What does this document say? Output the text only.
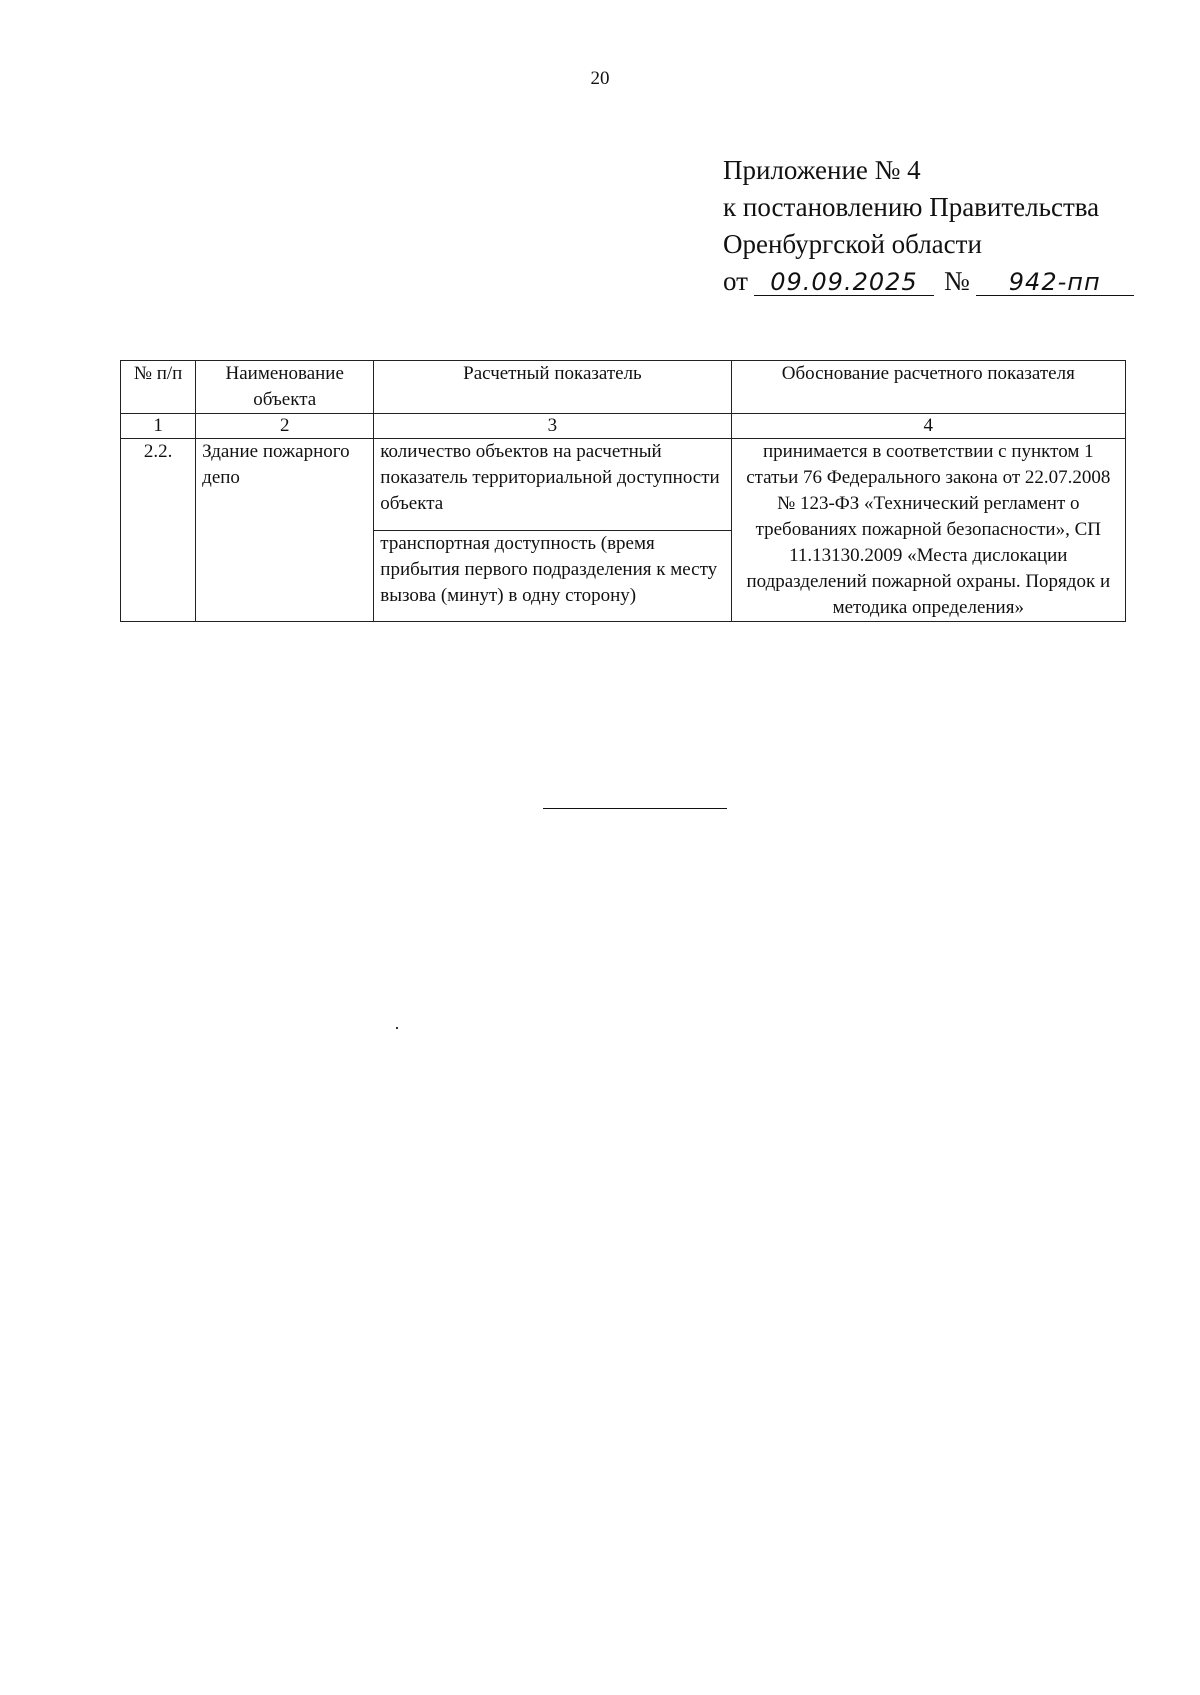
20
Приложение № 4
к постановлению Правительства
Оренбургской области
от 09.09.2025 №	942-пп
№ п/п	Наименование объекта	Расчетный показатель	Обоснование расчетного показателя
1	2	3	4
2.2.	Здание пожарного депо	количество объектов на расчетный показатель территориальной доступности объекта	принимается в соответствии с пунктом 1 статьи 76 Федерального закона от 22.07.2008 № 123-ФЗ «Технический регламент о требованиях пожарной безопасности», СП 11.13130.2009 «Места дислокации подразделений пожарной охраны. Порядок и методика определения»
		транспортная доступность (время прибытия первого подразделения к месту вызова (минут) в одну сторону)	
